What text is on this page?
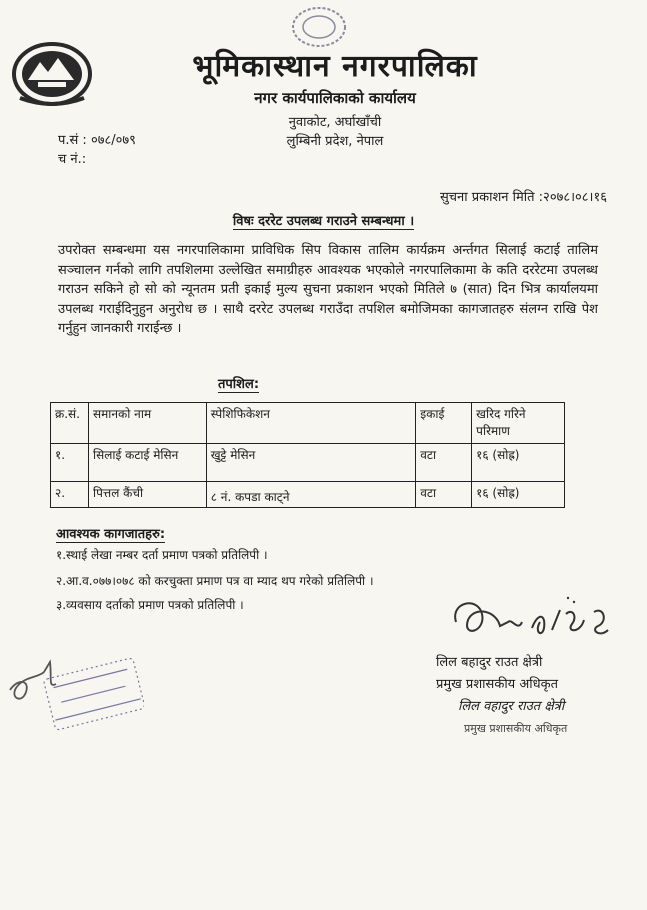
भूमिकास्थान नगरपालिका
नगर कार्यपालिकाको कार्यालय
नुवाकोट, अर्घाखाँची
लुम्बिनी प्रदेश, नेपाल
प.सं : ०७८/०७९
च नं.:
सुचना प्रकाशन मिति :२०७८।०८।१६
विषः दररेट उपलब्ध गराउने सम्बन्धमा ।
उपरोक्त सम्बन्धमा यस नगरपालिकामा प्राविधिक सिप विकास तालिम कार्यक्रम अर्न्तगत सिलाई कटाई तालिम सञ्चालन गर्नको लागि तपशिलमा उल्लेखित समाग्रीहरु आवश्यक भएकोले नगरपालिकामा के कति दररेटमा उपलब्ध गराउन सकिने हो सो को न्यूनतम प्रती इकाई मुल्य सुचना प्रकाशन भएको मितिले ७ (सात) दिन भित्र कार्यालयमा उपलब्ध गराईदिनुहुन अनुरोध छ । साथै दररेट उपलब्ध गराउँदा तपशिल बमोजिमका कागजातहरु संलग्न राखि पेश गर्नुहुन जानकारी गराईन्छ ।
तपशिल:
क्र.सं.	समानको नाम	स्पेशिफिकेशन	इकाई	खरिद गरिने परिमाण
१.	सिलाई कटाई मेसिन	खुट्टे मेसिन	वटा	१६ (सोह्र)
२.	पित्तल कैंची	८ नं. कपडा काट्ने	वटा	१६ (सोह्र)
आवश्यक कागजातहरु:
१.स्थाई लेखा नम्बर दर्ता प्रमाण पत्रको प्रतिलिपी ।
२.आ.व.०७७।०७८ को करचुक्ता प्रमाण पत्र वा म्याद थप गरेको प्रतिलिपी ।
३.व्यवसाय दर्ताको प्रमाण पत्रको प्रतिलिपी ।
लिल बहादुर राउत क्षेत्री
प्रमुख प्रशासकीय अधिकृत
लिल वहादुर राउत क्षेत्री
प्रमुख प्रशासकीय अधिकृत
